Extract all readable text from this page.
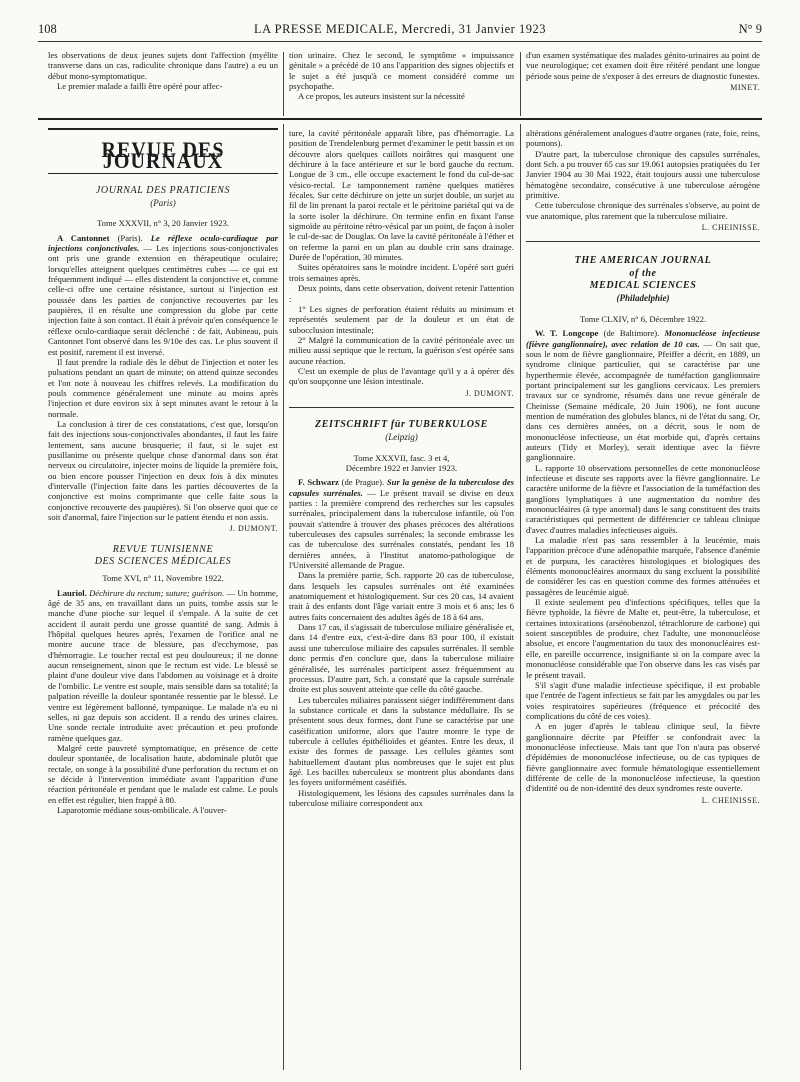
108	LA PRESSE MEDICALE, Mercredi, 31 Janvier 1923	N° 9

les observations de deux jeunes sujets dont l'affection (myélite transverse dans un cas, radiculite chronique dans l'autre) a eu un début mono-symptomatique.

Le premier malade a failli être opéré pour affec-

tion urinaire. Chez le second, le symptôme « impuissance génitale » a précédé de 10 ans l'apparition des signes objectifs et le sujet a été jusqu'à ce moment considéré comme un psychopathe.

A ce propos, les auteurs insistent sur la nécessité

d'un examen systématique des malades génito-urinaires au point de vue neurologique; cet examen doit être réitéré pendant une longue période sous peine de s'exposer à des erreurs de diagnostic funestes.

MINET.
REVUE DES JOURNAUX
JOURNAL DES PRATICIENS
(Paris)
Tome XXXVII, n° 3, 20 Janvier 1923.

A Cantonnet (Paris). Le réflexe oculo-cardiaque par injections conjonctivales. — Les injections sous-conjonctivales ont pris une grande extension en thérapeutique oculaire; lorsqu'elles atteignent quelques centimètres cubes — ce qui est fréquemment indiqué — elles distendent la conjonctive et, comme celle-ci offre une certaine résistance, surtout si l'injection est poussée dans les parties de conjonctive recouvertes par les paupières, il en résulte une compression du globe par cette injection faite à son contact. Il était à prévoir qu'en conséquence le réflexe oculo-cardiaque serait déclenché : de fait, Aubineau, puis Cantonnet l'ont observé dans les 9/10e des cas. Le plus souvent il est positif, rarement il est inversé.

Il faut prendre la radiale dès le début de l'injection et noter les pulsations pendant un quart de minute; on attend quinze secondes et l'on note à nouveau les chiffres relevés. La modification du pouls commence généralement une minute au moins après l'injection et dure environ six à sept minutes avant le retour à la normale.

La conclusion à tirer de ces constatations, c'est que, lorsqu'on fait des injections sous-conjonctivales abondantes, il faut les faire lentement, sans aucune brusquerie; il faut, si le sujet est pusillanime ou présente quelque chose d'anormal dans son état nerveux ou circulatoire, injecter moins de liquide la première fois, ou bien encore pousser l'injection en deux fois à dix minutes d'intervalle (l'injection faite dans les parties découvertes de la conjonctive est moins comprimante que celle faite sous la conjonctive recouverte des paupières). Si l'on observe quoi que ce soit d'anormal, faire l'injection sur le patient étendu et non assis.

J. DUMONT.
REVUE TUNISIENNE
DES SCIENCES MÉDICALES
Tome XVI, n° 11, Novembre 1922.

Lauriol. Déchirure du rectum; suture; guérison. — Un homme, âgé de 35 ans, en travaillant dans un puits, tombe assis sur le manche d'une pioche sur lequel il s'empale. A la suite de cet accident il aurait perdu une grosse quantité de sang. Admis à l'hôpital quelques heures après, l'examen de l'orifice anal ne montre aucune trace de blessure, pas d'ecchymose, pas d'hémorragie. Le toucher rectal est peu douloureux; il ne donne aucun renseignement, sinon que le rectum est vide. Le blessé se plaint d'une douleur vive dans l'abdomen au voisinage et à droite de l'ombilic. Le ventre est souple, mais sensible dans sa totalité; la palpation réveille la douleur spontanée ressentie par le blessé. Le ventre est légèrement ballonné, tympanique. Le malade n'a eu ni selles, ni gaz depuis son accident. Il a rendu des urines claires. Une sonde rectale introduite avec précaution et peu profonde ramène quelques gaz.

Malgré cette pauvreté symptomatique, en présence de cette douleur spontanée, de localisation haute, abdominale plutôt que rectale, on songe à la possibilité d'une perforation du rectum et on se décide à l'intervention immédiate avant l'apparition d'une réaction péritonéale et pendant que le malade est calme. Le pouls en effet est régulier, bien frappé à 80.

Laparotomie médiane sous-ombilicale. A l'ouver-

ture, la cavité péritonéale apparaît libre, pas d'hémorragie. La position de Trendelenburg permet d'examiner le petit bassin et on découvre alors quelques caillots noirâtres qui masquent une déchirure à la face antérieure et sur le bord gauche du rectum. Longue de 3 cm., elle occupe exactement le fond du cul-de-sac vésico-rectal. Le tamponnement ramène quelques matières fécales. Sur cette déchirure on jette un surjet double, un surjet au fil de lin prenant la paroi rectale et le péritoine pariétal qui va de la sorte isoler la déchirure. On termine enfin en fixant l'anse sigmoïde au péritoine rétro-vésical par un point, de façon à isoler le cul-de-sac de Douglas. On lave la cavité péritonéale à l'éther et on referme la paroi en un plan au double crin sans drainage. Durée de l'opération, 30 minutes.

Suites opératoires sans le moindre incident. L'opéré sort guéri trois semaines après.

Deux points, dans cette observation, doivent retenir l'attention :

1° Les signes de perforation étaient réduits au minimum et représentés seulement par de la douleur et un état de subocclusion intestinale;

2° Malgré la communication de la cavité péritonéale avec un milieu aussi septique que le rectum, la guérison s'est opérée sans aucune réaction.

C'est un exemple de plus de l'avantage qu'il y a à opérer dès qu'on soupçonne une lésion intestinale.

J. DUMONT.
ZEITSCHRIFT für TUBERKULOSE
(Leipzig)
Tome XXXVII, fasc. 3 et 4,
Décembre 1922 et Janvier 1923.

F. Schwarz (de Prague). Sur la genèse de la tuberculose des capsules surrénales. — Le présent travail se divise en deux parties : la première comprend des recherches sur les capsules surrénales, principalement dans la tuberculose infantile, où l'on pouvait s'attendre à trouver des phases précoces des altérations tuberculeuses des capsules surrénales; la seconde embrasse les cas de tuberculose des surrénales constatés, pendant les 18 dernières années, à l'Institut anatomo-pathologique de l'Université allemande de Prague.

Dans la première partie, Sch. rapporte 20 cas de tuberculose, dans lesquels les capsules surrénales ont été examinées anatomiquement et histologiquement. Sur ces 20 cas, 14 avaient trait à des enfants dont l'âge variait entre 3 mois et 6 ans; les 6 autres faits concernaient des adultes âgés de 18 à 64 ans.

Dans 17 cas, il s'agissait de tuberculose miliaire généralisée et, dans 14 d'entre eux, c'est-à-dire dans 83 pour 100, il existait aussi une tuberculose miliaire des capsules surrénales. Il semble donc permis d'en conclure que, dans la tuberculose miliaire généralisée, les surrénales participent assez fréquemment au processus. D'autre part, Sch. a constaté que la capsule surrénale droite est plus souvent atteinte que celle du côté gauche.

Les tubercules miliaires paraissent siéger indifféremment dans la substance corticale et dans la substance médullaire. Ils se présentent sous deux formes, dont l'une se caractérise par une caséification uniforme, alors que l'autre montre le type de tubercule à cellules épithélioïdes et géantes. Entre les deux, il existe des formes de passage. Les cellules géantes sont habituellement d'autant plus nombreuses que le sujet est plus âgé. Les bacilles tuberculeux se montrent plus abondants dans les foyers uniformément caséifiés.

Histologiquement, les lésions des capsules surrénales dans la tuberculose miliaire correspondent aux

altérations généralement analogues d'autre organes (rate, foie, reins, poumons).

D'autre part, la tuberculose chronique des capsules surrénales, dont Sch. a pu trouver 65 cas sur 19.061 autopsies pratiquées du 1er Janvier 1904 au 30 Mai 1922, était toujours aussi une tuberculose hématogène secondaire, consécutive à une tuberculose aérogène primitive.

Cette tuberculose chronique des surrénales s'observe, au point de vue anatomique, plus rarement que la tuberculose miliaire.

L. CHEINISSE.
THE AMERICAN JOURNAL
of the
MEDICAL SCIENCES
(Philadelphie)
Tome CLXIV, n° 6, Décembre 1922.

W. T. Longcope (de Baltimore). Mononucléose infectieuse (fièvre ganglionnaire), avec relation de 10 cas. — On sait que, sous le nom de fièvre ganglionnaire, Pfeiffer a décrit, en 1889, un syndrome clinique particulier, qui se caractérise par une hyperthermie élevée, accompagnée de tuméfaction ganglionnaire portant principalement sur les ganglions cervicaux. Les premiers travaux sur ce syndrome, résumés dans une revue générale de Cheinisse (Semaine médicale, 20 Juin 1906), ne font aucune mention de numération des globules blancs, ni de l'état du sang. Or, dans ces dernières années, on a décrit, sous le nom de mononucléose infectieuse, un état morbide qui, d'après certains auteurs (Tidy et Morley), serait identique avec la fièvre ganglionnaire.

L. rapporte 10 observations personnelles de cette mononucléose infectieuse et discute ses rapports avec la fièvre ganglionnaire. Le caractère uniforme de la fièvre et l'association de la tuméfaction des ganglions lymphatiques à une augmentation du nombre des mononucléaires (à type anormal) dans le sang constituent des traits caractéristiques qui permettent de différencier ce tableau clinique d'avec d'autres maladies infectieuses aiguës.

La maladie n'est pas sans ressembler à la leucémie, mais l'apparition précoce d'une adénopathie marquée, l'absence d'anémie et de purpura, les caractères histologiques et biologiques des éléments mononucléaires anormaux du sang excluent la possibilité de considérer les cas en question comme des formes atténuées et passagères de leucémie aiguë.

Il existe seulement peu d'infections spécifiques, telles que la fièvre typhoïde, la fièvre de Malte et, peut-être, la tuberculose, et certaines intoxications (arsénobenzol, tétrachlorure de carbone) qui soient susceptibles de produire, chez l'adulte, une mononucléose absolue, et encore l'augmentation du taux des mononucléaires est-elle, en pareille occurrence, insignifiante si on la compare avec la mononucléose considérable que l'on observe dans les cas visés par le présent travail.

S'il s'agit d'une maladie infectieuse spécifique, il est probable que l'entrée de l'agent infectieux se fait par les amygdales ou par les voies respiratoires supérieures (fréquence et précocité des complications du côté de ces voies).

A en juger d'après le tableau clinique seul, la fièvre ganglionnaire décrite par Pfeiffer se confondrait avec la mononucléose infectieuse. Mais tant que l'on n'aura pas observé d'épidémies de mononucléose infectieuse, ou de cas typiques de fièvre ganglionnaire avec formule hématologique essentiellement différente de celle de la mononucléose infectieuse, la question d'identité ou de non-identité des deux syndromes reste ouverte.

L. CHEINISSE.
